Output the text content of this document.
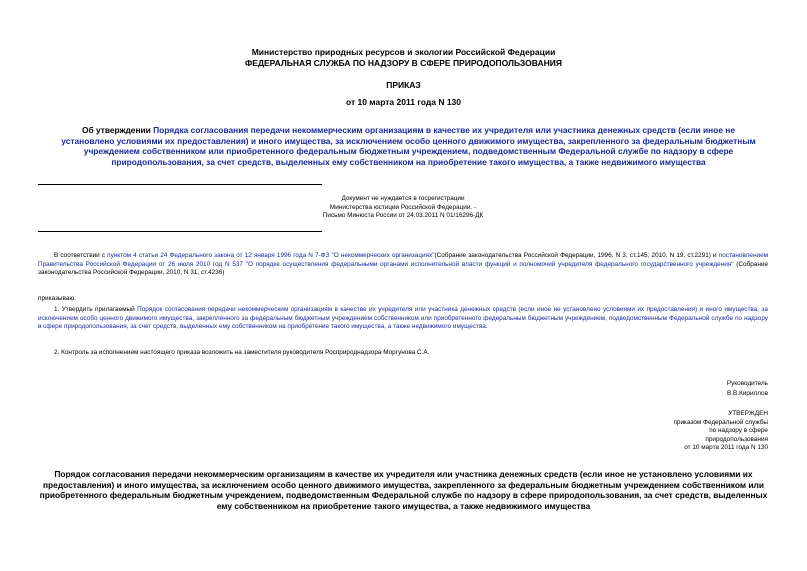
Министерство природных ресурсов и экологии Российской Федерации
ФЕДЕРАЛЬНАЯ СЛУЖБА ПО НАДЗОРУ В СФЕРЕ ПРИРОДОПОЛЬЗОВАНИЯ
ПРИКАЗ
от 10 марта 2011 года N 130
Об утверждении Порядка согласования передачи некоммерческим организациям в качестве их учредителя или участника денежных средств (если иное не установлено условиями их предоставления) и иного имущества, за исключением особо ценного движимого имущества, закрепленного за федеральным бюджетным учреждением собственником или приобретенного федеральным бюджетным учреждением, подведомственным Федеральной службе по надзору в сфере природопользования, за счет средств, выделенных ему собственником на приобретение такого имущества, а также недвижимого имущества
Документ не нуждается в госрегистрации
Министерства юстиции Российской Федерации. -
Письмо Минюста России от 24.03.2011 N 01/16296-ДК
В соответствии с пунктом 4 статьи 24 Федерального закона от 12 января 1996 года N 7-ФЗ "О некоммерческих организациях"(Собрание законодательства Российской Федерации, 1996, N 3, ст.145; 2010, N 19, ст.2291) и постановлением Правительства Российской Федерации от 26 июля 2010 год N 537 "О порядке осуществления федеральными органами исполнительной власти функций и полномочий учредителя федерального государственного учреждения" (Собрание законодательства Российской Федерации, 2010, N 31, ст.4236)
приказываю:
1. Утвердить прилагаемый Порядок согласования передачи некоммерческим организациям в качестве их учредителя или участника денежных средств (если иное не установлено условиями их предоставления) и иного имущества, за исключением особо ценного движимого имущества, закрепленного за федеральным бюджетным учреждением собственником или приобретенного федеральным бюджетным учреждением, подведомственным Федеральной службе по надзору в сфере природопользования, за счет средств, выделенных ему собственником на приобретение такого имущества, а также недвижимого имущества.
2. Контроль за исполнением настоящего приказа возложить на заместителя руководителя Росприроднадзора Моргунова С.А.
Руководитель
В.В.Кириллов
УТВЕРЖДЕН
приказом Федеральной службы
по надзору в сфере
природопользования
от 10 марта 2011 года N 130
Порядок согласования передачи некоммерческим организациям в качестве их учредителя или участника денежных средств (если иное не установлено условиями их предоставления) и иного имущества, за исключением особо ценного движимого имущества, закрепленного за федеральным бюджетным учреждением собственником или приобретенного федеральным бюджетным учреждением, подведомственным Федеральной службе по надзору в сфере природопользования, за счет средств, выделенных ему собственником на приобретение такого имущества, а также недвижимого имущества
